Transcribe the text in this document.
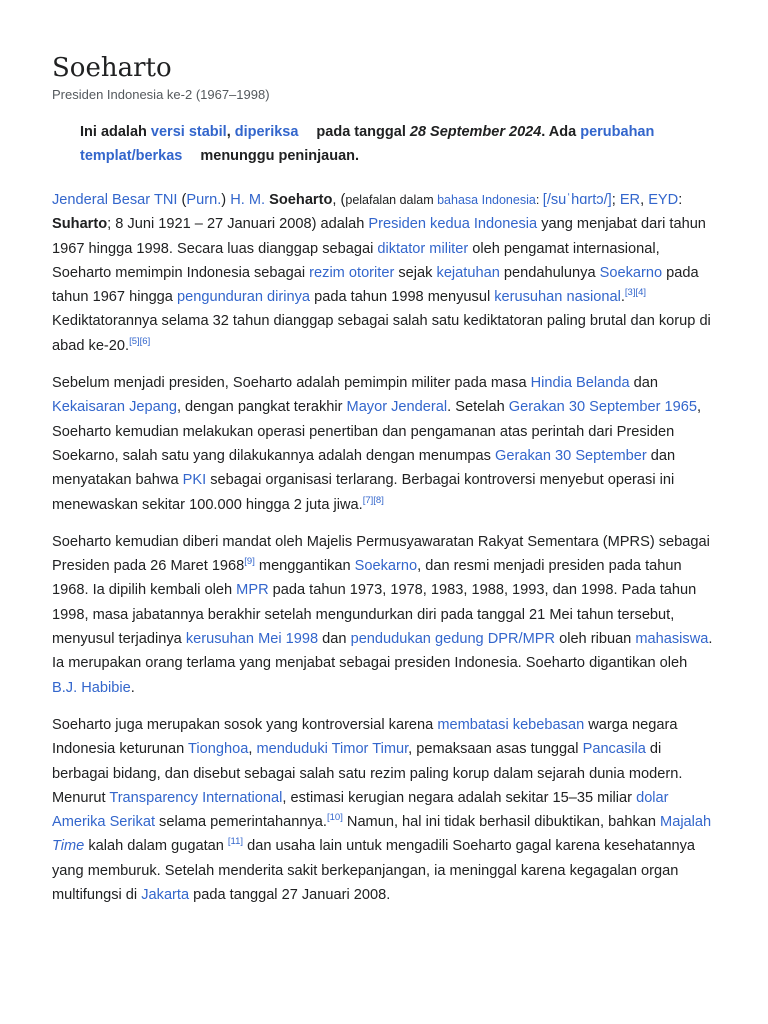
Soeharto
Presiden Indonesia ke-2 (1967–1998)
Ini adalah versi stabil, diperiksa pada tanggal 28 September 2024. Ada perubahan templat/berkas menunggu peninjauan.

Jenderal Besar TNI (Purn.) H. M. Soeharto, (pelafalan dalam bahasa Indonesia: [/suˈhɑrtɔ/]; ER, EYD: Suharto; 8 Juni 1921 – 27 Januari 2008) adalah Presiden kedua Indonesia yang menjabat dari tahun 1967 hingga 1998. Secara luas dianggap sebagai diktator militer oleh pengamat internasional, Soeharto memimpin Indonesia sebagai rezim otoriter sejak kejatuhan pendahulunya Soekarno pada tahun 1967 hingga pengunduran dirinya pada tahun 1998 menyusul kerusuhan nasional.[3][4] Kediktatorannya selama 32 tahun dianggap sebagai salah satu kediktatoran paling brutal dan korup di abad ke-20.[5][6]

Sebelum menjadi presiden, Soeharto adalah pemimpin militer pada masa Hindia Belanda dan Kekaisaran Jepang, dengan pangkat terakhir Mayor Jenderal. Setelah Gerakan 30 September 1965, Soeharto kemudian melakukan operasi penertiban dan pengamanan atas perintah dari Presiden Soekarno, salah satu yang dilakukannya adalah dengan menumpas Gerakan 30 September dan menyatakan bahwa PKI sebagai organisasi terlarang. Berbagai kontroversi menyebut operasi ini menewaskan sekitar 100.000 hingga 2 juta jiwa.[7][8]

Soeharto kemudian diberi mandat oleh Majelis Permusyawaratan Rakyat Sementara (MPRS) sebagai Presiden pada 26 Maret 1968[9] menggantikan Soekarno, dan resmi menjadi presiden pada tahun 1968. Ia dipilih kembali oleh MPR pada tahun 1973, 1978, 1983, 1988, 1993, dan 1998. Pada tahun 1998, masa jabatannya berakhir setelah mengundurkan diri pada tanggal 21 Mei tahun tersebut, menyusul terjadinya kerusuhan Mei 1998 dan pendudukan gedung DPR/MPR oleh ribuan mahasiswa. Ia merupakan orang terlama yang menjabat sebagai presiden Indonesia. Soeharto digantikan oleh B.J. Habibie.

Soeharto juga merupakan sosok yang kontroversial karena membatasi kebebasan warga negara Indonesia keturunan Tionghoa, menduduki Timor Timur, pemaksaan asas tunggal Pancasila di berbagai bidang, dan disebut sebagai salah satu rezim paling korup dalam sejarah dunia modern. Menurut Transparency International, estimasi kerugian negara adalah sekitar 15–35 miliar dolar Amerika Serikat selama pemerintahannya.[10] Namun, hal ini tidak berhasil dibuktikan, bahkan Majalah Time kalah dalam gugatan [11] dan usaha lain untuk mengadili Soeharto gagal karena kesehatannya yang memburuk. Setelah menderita sakit berkepanjangan, ia meninggal karena kegagalan organ multifungsi di Jakarta pada tanggal 27 Januari 2008.
